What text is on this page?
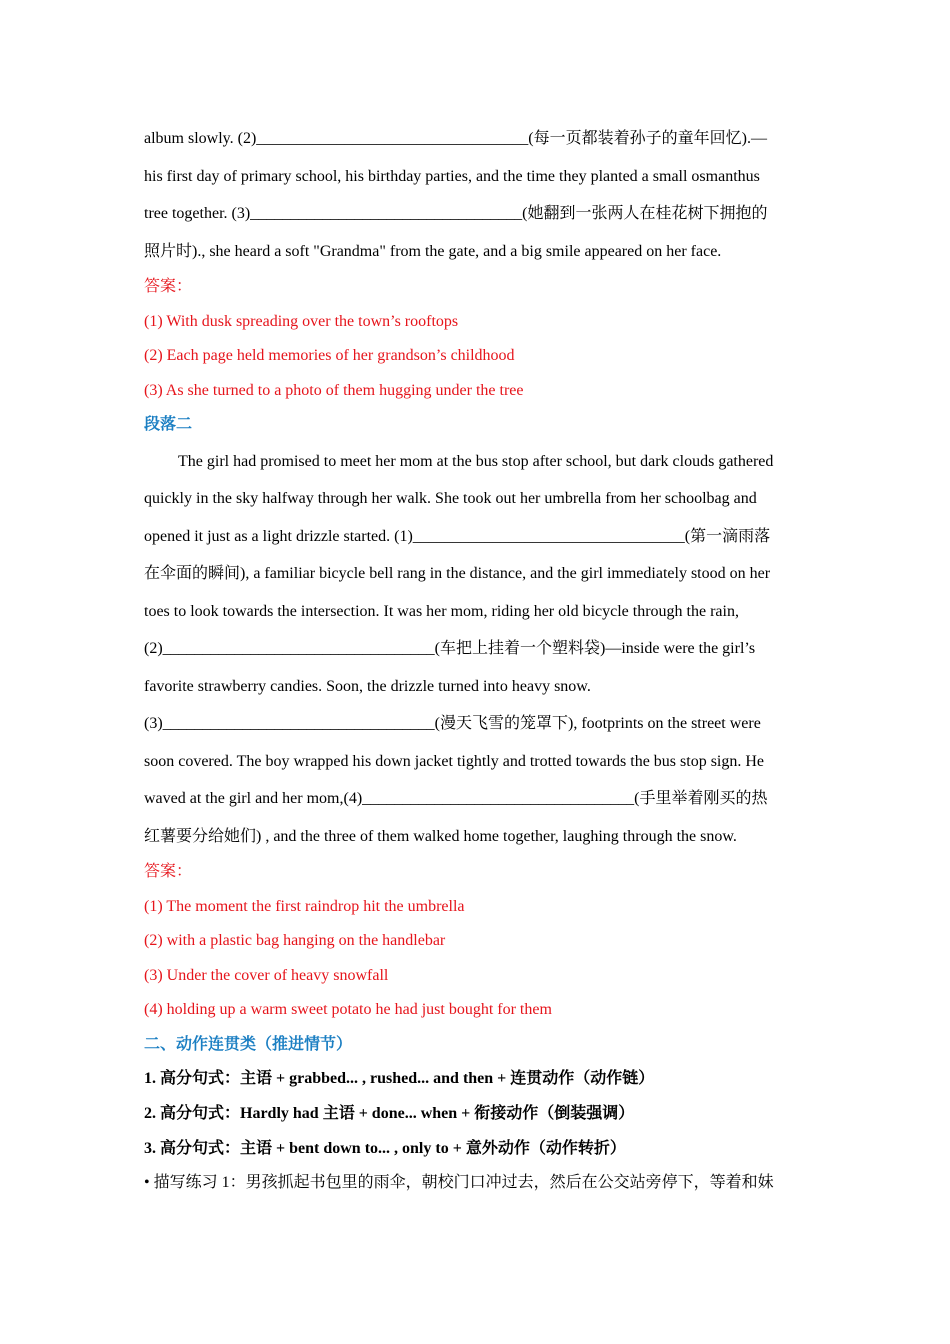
album slowly. (2)__________________________________(每一页都装着孙子的童年回忆).—

his first day of primary school, his birthday parties, and the time they planted a small osmanthus

tree together. (3)__________________________________(她翻到一张两人在桂花树下拥抱的

照片时)., she heard a soft "Grandma" from the gate, and a big smile appeared on her face.

答案：

(1) With dusk spreading over the town’s rooftops

(2) Each page held memories of her grandson’s childhood

(3) As she turned to a photo of them hugging under the tree

段落二

The girl had promised to meet her mom at the bus stop after school, but dark clouds gathered

quickly in the sky halfway through her walk. She took out her umbrella from her schoolbag and

opened it just as a light drizzle started. (1)__________________________________(第一滴雨落

在伞面的瞬间), a familiar bicycle bell rang in the distance, and the girl immediately stood on her

toes to look towards the intersection. It was her mom, riding her old bicycle through the rain,

(2)__________________________________(车把上挂着一个塑料袋)—inside were the girl’s

favorite strawberry candies. Soon, the drizzle turned into heavy snow.

(3)__________________________________(漫天飞雪的笼罩下), footprints on the street were

soon covered. The boy wrapped his down jacket tightly and trotted towards the bus stop sign. He

waved at the girl and her mom,(4)__________________________________(手里举着刚买的热

红薯要分给她们) , and the three of them walked home together, laughing through the snow.

答案：

(1) The moment the first raindrop hit the umbrella

(2) with a plastic bag hanging on the handlebar

(3) Under the cover of heavy snowfall

(4) holding up a warm sweet potato he had just bought for them

二、动作连贯类（推进情节）

1. 高分句式：主语 + grabbed... , rushed... and then + 连贯动作（动作链）

2. 高分句式：Hardly had 主语 + done... when + 衔接动作（倒装强调）

3. 高分句式：主语 + bent down to... , only to + 意外动作（动作转折）

• 描写练习 1：男孩抓起书包里的雨伞，朝校门口冲过去，然后在公交站旁停下，等着和妹
